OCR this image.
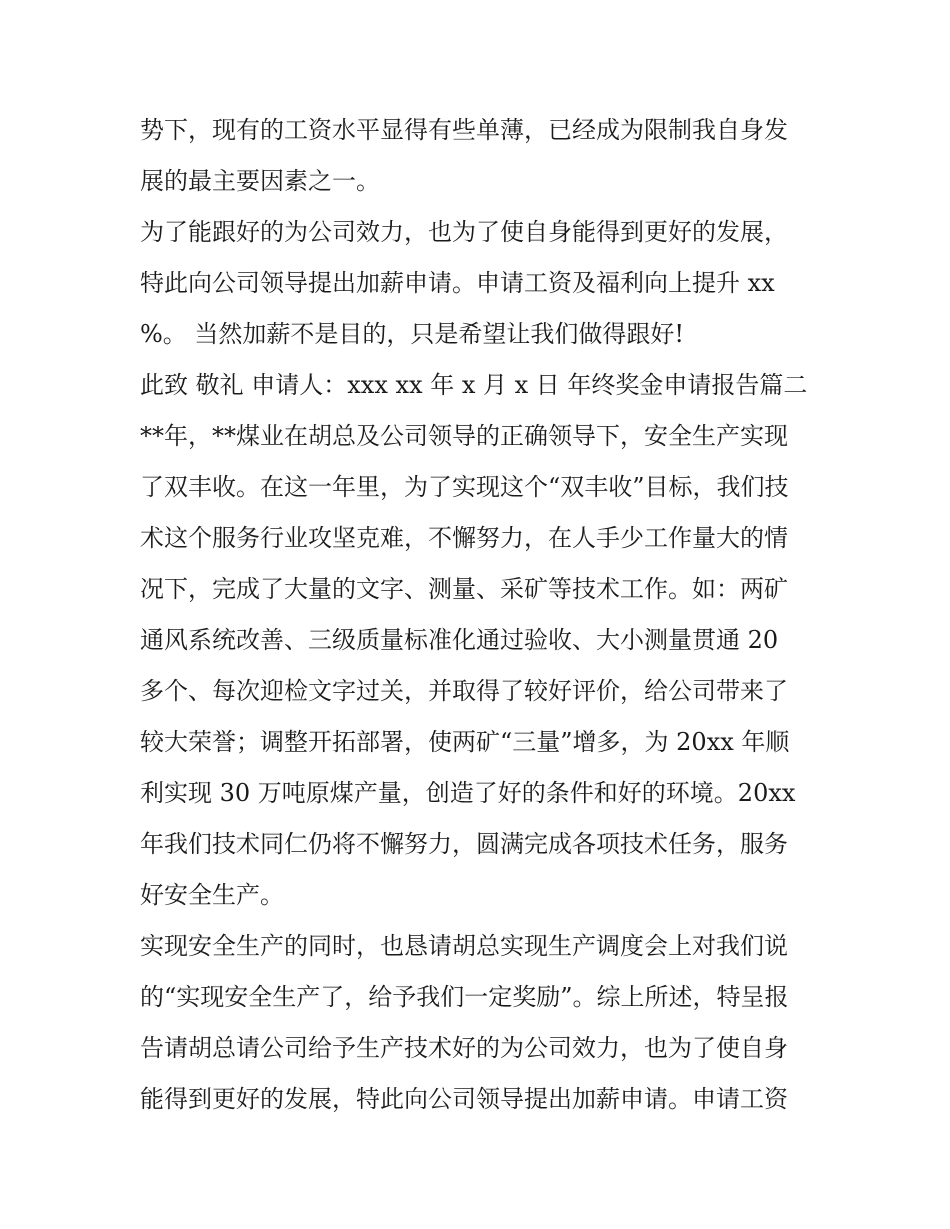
势下，现有的工资水平显得有些单薄，已经成为限制我自身发
展的最主要因素之一。
为了能跟好的为公司效力，也为了使自身能得到更好的发展，
特此向公司领导提出加薪申请。申请工资及福利向上提升 xx
%。 当然加薪不是目的，只是希望让我们做得跟好!
此致 敬礼 申请人：xxx xx 年 x 月 x 日 年终奖金申请报告篇二
**年，**煤业在胡总及公司领导的正确领导下，安全生产实现
了双丰收。在这一年里，为了实现这个“双丰收”目标，我们技
术这个服务行业攻坚克难，不懈努力，在人手少工作量大的情
况下，完成了大量的文字、测量、采矿等技术工作。如：两矿
通风系统改善、三级质量标准化通过验收、大小测量贯通 20
多个、每次迎检文字过关，并取得了较好评价，给公司带来了
较大荣誉；调整开拓部署，使两矿“三量”增多，为 20xx 年顺
利实现 30 万吨原煤产量，创造了好的条件和好的环境。20xx
年我们技术同仁仍将不懈努力，圆满完成各项技术任务，服务
好安全生产。
实现安全生产的同时，也恳请胡总实现生产调度会上对我们说
的“实现安全生产了，给予我们一定奖励”。综上所述，特呈报
告请胡总请公司给予生产技术好的为公司效力，也为了使自身
能得到更好的发展，特此向公司领导提出加薪申请。申请工资
